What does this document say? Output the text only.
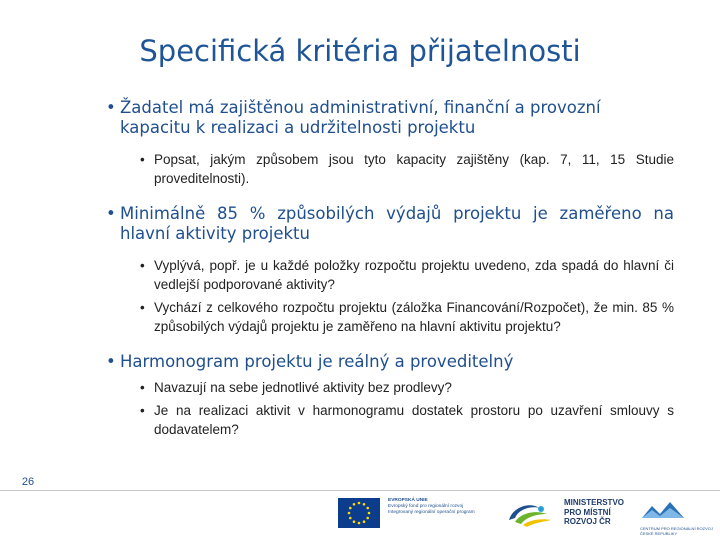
Specifická kritéria přijatelnosti
• Žadatel má zajištěnou administrativní, finanční a provozní kapacitu k realizaci a udržitelnosti projektu
• Popsat, jakým způsobem jsou tyto kapacity zajištěny (kap. 7, 11, 15 Studie proveditelnosti).
• Minimálně 85 % způsobilých výdajů projektu je zaměřeno na hlavní aktivity projektu
• Vyplývá, popř. je u každé položky rozpočtu projektu uvedeno, zda spadá do hlavní či vedlejší podporované aktivity?
• Vychází z celkového rozpočtu projektu (záložka Financování/Rozpočet), že min. 85 % způsobilých výdajů projektu je zaměřeno na hlavní aktivitu projektu?
• Harmonogram projektu je reálný a proveditelný
• Navazují na sebe jednotlivé aktivity bez prodlevy?
• Je na realizaci aktivit v harmonogramu dostatek prostoru po uzavření smlouvy s dodavatelem?
26
EVROPSKÁ UNIE
Evropský fond pro regionální rozvoj
Integrovaný regionální operační program
MINISTERSTVO
PRO MÍSTNÍ
ROZVOJ ČR
CENTRUM PRO REGIONÁLNÍ ROZVOJ
ČESKÉ REPUBLIKY
